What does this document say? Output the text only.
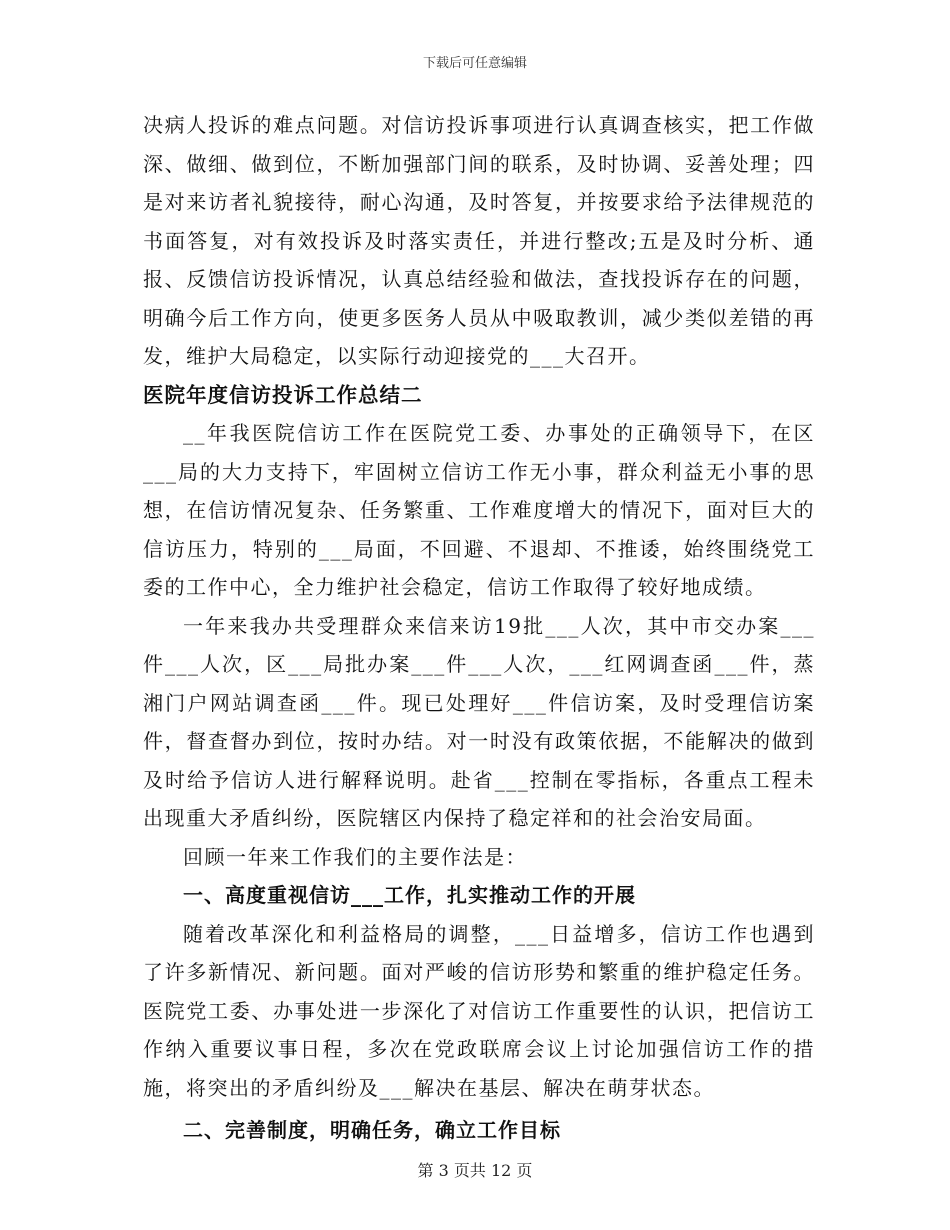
下载后可任意编辑

决病人投诉的难点问题。对信访投诉事项进行认真调查核实，把工作做深、做细、做到位，不断加强部门间的联系，及时协调、妥善处理；四是对来访者礼貌接待，耐心沟通，及时答复，并按要求给予法律规范的书面答复，对有效投诉及时落实责任，并进行整改;五是及时分析、通报、反馈信访投诉情况，认真总结经验和做法，查找投诉存在的问题，明确今后工作方向，使更多医务人员从中吸取教训，减少类似差错的再发，维护大局稳定，以实际行动迎接党的___大召开。

医院年度信访投诉工作总结二

__年我医院信访工作在医院党工委、办事处的正确领导下，在区___局的大力支持下，牢固树立信访工作无小事，群众利益无小事的思想，在信访情况复杂、任务繁重、工作难度增大的情况下，面对巨大的信访压力，特别的___局面，不回避、不退却、不推诿，始终围绕党工委的工作中心，全力维护社会稳定，信访工作取得了较好地成绩。

一年来我办共受理群众来信来访19批___人次，其中市交办案___件___人次，区___局批办案___件___人次，___红网调查函___件，蒸湘门户网站调查函___件。现已处理好___件信访案，及时受理信访案件，督查督办到位，按时办结。对一时没有政策依据，不能解决的做到及时给予信访人进行解释说明。赴省___控制在零指标，各重点工程未出现重大矛盾纠纷，医院辖区内保持了稳定祥和的社会治安局面。

回顾一年来工作我们的主要作法是：

一、高度重视信访___工作，扎实推动工作的开展

随着改革深化和利益格局的调整，___日益增多，信访工作也遇到了许多新情况、新问题。面对严峻的信访形势和繁重的维护稳定任务。医院党工委、办事处进一步深化了对信访工作重要性的认识，把信访工作纳入重要议事日程，多次在党政联席会议上讨论加强信访工作的措施，将突出的矛盾纠纷及___解决在基层、解决在萌芽状态。

二、完善制度，明确任务，确立工作目标

第 3 页共 12 页
